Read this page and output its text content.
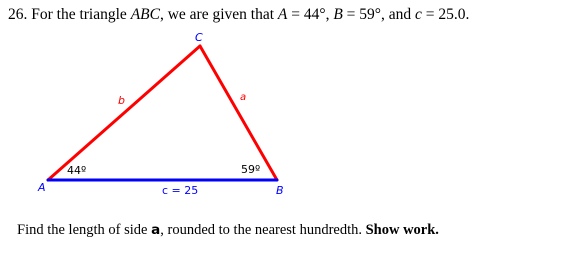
26. For the triangle ABC, we are given that A = 44°, B = 59°, and c = 25.0.
C
A	B
b	a
c = 25
44º	59º
Find the length of side a, rounded to the nearest hundredth. Show work.
